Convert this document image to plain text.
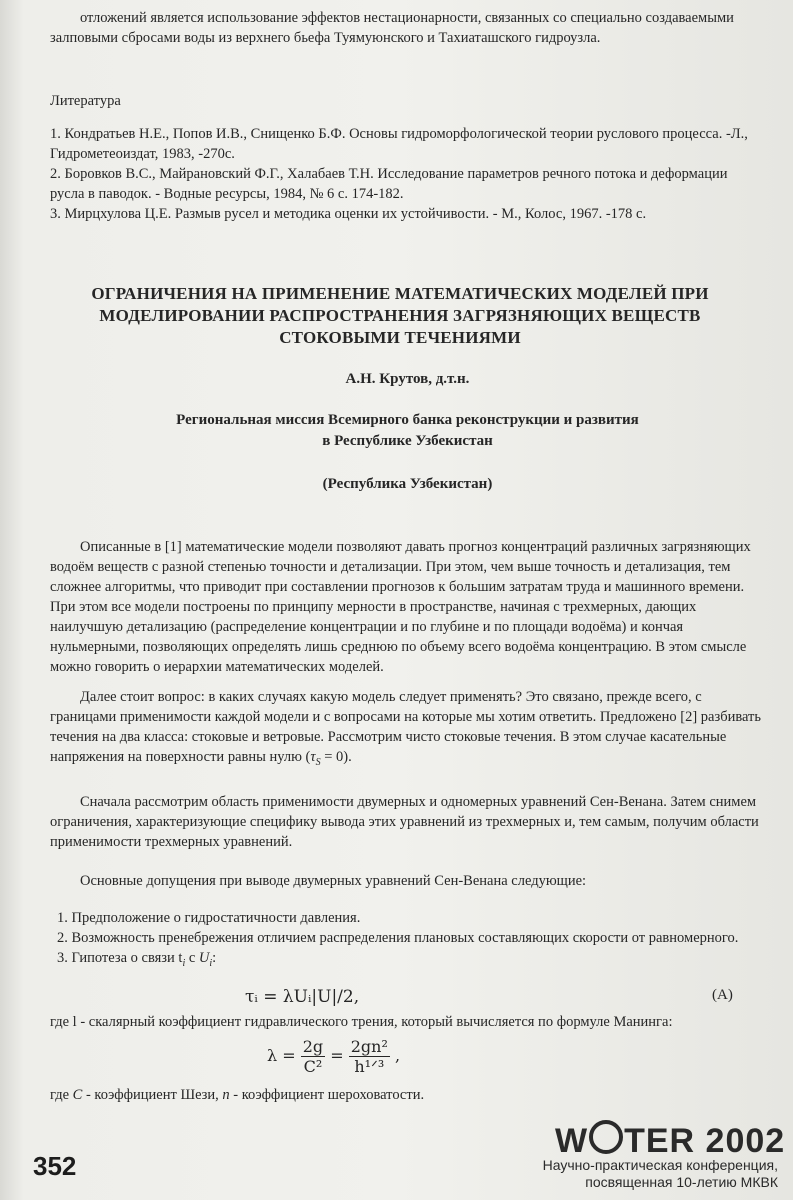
отложений является использование эффектов нестационарности, связанных со специально создаваемыми залповыми сбросами воды из верхнего бьефа Туямуюнского и Тахиаташского гидроузла.

Литература

1. Кондратьев Н.Е., Попов И.В., Снищенко Б.Ф. Основы гидроморфологической теории руслового процесса. -Л., Гидрометеоиздат, 1983, -270с.

2. Боровков В.С., Майрановский Ф.Г., Халабаев Т.Н. Исследование параметров речного потока и деформации русла в паводок. - Водные ресурсы, 1984, № 6 с. 174-182.

3. Мирцхулова Ц.Е. Размыв русел и методика оценки их устойчивости. - М., Колос, 1967. -178 с.

ОГРАНИЧЕНИЯ НА ПРИМЕНЕНИЕ МАТЕМАТИЧЕСКИХ МОДЕЛЕЙ ПРИ МОДЕЛИРОВАНИИ РАСПРОСТРАНЕНИЯ ЗАГРЯЗНЯЮЩИХ ВЕЩЕСТВ СТОКОВЫМИ ТЕЧЕНИЯМИ
А.Н. Крутов, д.т.н.

Региональная миссия Всемирного банка реконструкции и развития

в Республике Узбекистан

(Республика Узбекистан)

Описанные в [1] математические модели позволяют давать прогноз концентраций различных загрязняющих водоём веществ с разной степенью точности и детализации. При этом, чем выше точность и детализация, тем сложнее алгоритмы, что приводит при составлении прогнозов к большим затратам труда и машинного времени. При этом все модели построены по принципу мерности в пространстве, начиная с трехмерных, дающих наилучшую детализацию (распределение концентрации и по глубине и по площади водоёма) и кончая нульмерными, позволяющих определять лишь среднюю по объему всего водоёма концентрацию. В этом смысле можно говорить о иерархии математических моделей.

Далее стоит вопрос: в каких случаях какую модель следует применять? Это связано, прежде всего, с границами применимости каждой модели и с вопросами на которые мы хотим ответить. Предложено [2] разбивать течения на два класса: стоковые и ветровые. Рассмотрим чисто стоковые течения. В этом случае касательные напряжения на поверхности равны нулю $(\tau_S = 0)$.

Сначала рассмотрим область применимости двумерных и одномерных уравнений Сен-Венана. Затем снимем ограничения, характеризующие специфику вывода этих уравнений из трехмерных и, тем самым, получим области применимости трехмерных уравнений.

Основные допущения при выводе двумерных уравнений Сен-Венана следующие:

1. Предположение о гидростатичности давления.

2. Возможность пренебрежения отличием распределения плановых составляющих скорости от равномерного.

3. Гипотеза о связи $t_i$ с $U_i$:

τᵢ = λUᵢ|U|/2,	(A)

где l - скалярный коэффициент гидравлического трения, который вычисляется по формуле Манинга:

$\lambda = \frac{2g}{\text{C²}} = \frac{\text{2gn²}}{\text{h¹ᐟ³}}$ ,

где C - коэффициент Шези, n - коэффициент шероховатости.

352
W TER 2002

Научно-практическая конференция,

посвященная 10-летию МКВК
